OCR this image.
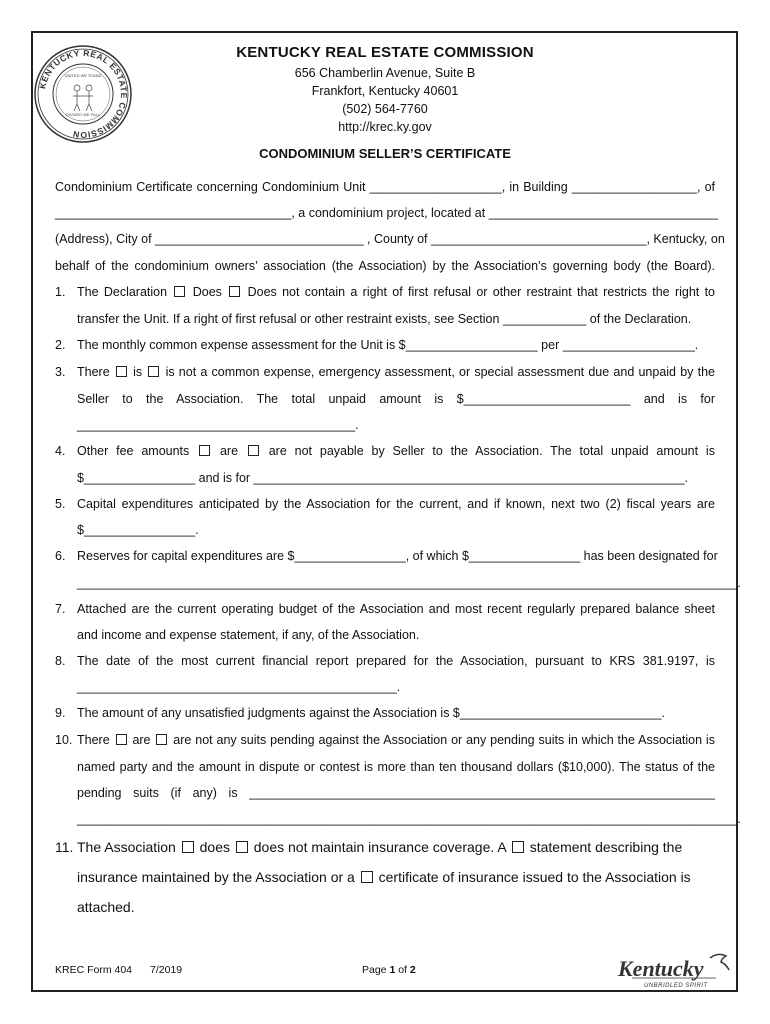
KENTUCKY REAL ESTATE COMMISSION
UNITED WE STAND
DIVIDED WE FALL
KENTUCKY REAL ESTATE COMMISSION
656 Chamberlin Avenue, Suite B
Frankfort, Kentucky 40601
(502) 564-7760
http://krec.ky.gov
CONDOMINIUM SELLER’S CERTIFICATE
Condominium Certificate concerning Condominium Unit ___________________, in Building __________________, of
__________________________________, a condominium project, located at _________________________________
(Address), City of ______________________________ , County of _______________________________, Kentucky, on
behalf of the condominium owners’ association (the Association) by the Association’s governing body (the Board).
1. The Declaration Does Does not contain a right of first refusal or other restraint that restricts the right to
transfer the Unit. If a right of first refusal or other restraint exists, see Section ____________ of the Declaration.
2. The monthly common expense assessment for the Unit is $___________________ per ___________________.
3. There is is not a common expense, emergency assessment, or special assessment due and unpaid by the
Seller to the Association. The total unpaid amount is $________________________ and is for
________________________________________.
4. Other fee amounts are are not payable by Seller to the Association. The total unpaid amount is
$________________ and is for ______________________________________________________________.
5. Capital expenditures anticipated by the Association for the current, and if known, next two (2) fiscal years are
$________________.
6. Reserves for capital expenditures are $________________, of which $________________ has been designated for
_______________________________________________________________________________________________.
7. Attached are the current operating budget of the Association and most recent regularly prepared balance sheet
and income and expense statement, if any, of the Association.
8. The date of the most current financial report prepared for the Association, pursuant to KRS 381.9197, is
______________________________________________.
9. The amount of any unsatisfied judgments against the Association is $_____________________________.
10. There are are not any suits pending against the Association or any pending suits in which the Association is
named party and the amount in dispute or contest is more than ten thousand dollars ($10,000). The status of the
pending suits (if any) is ___________________________________________________________________
_______________________________________________________________________________________________.
11. The Association does does not maintain insurance coverage. A statement describing the
insurance maintained by the Association or a certificate of insurance issued to the Association is
attached.
KREC Form 404 7/2019	Page 1 of 2	Kentucky
UNBRIDLED SPIRIT
